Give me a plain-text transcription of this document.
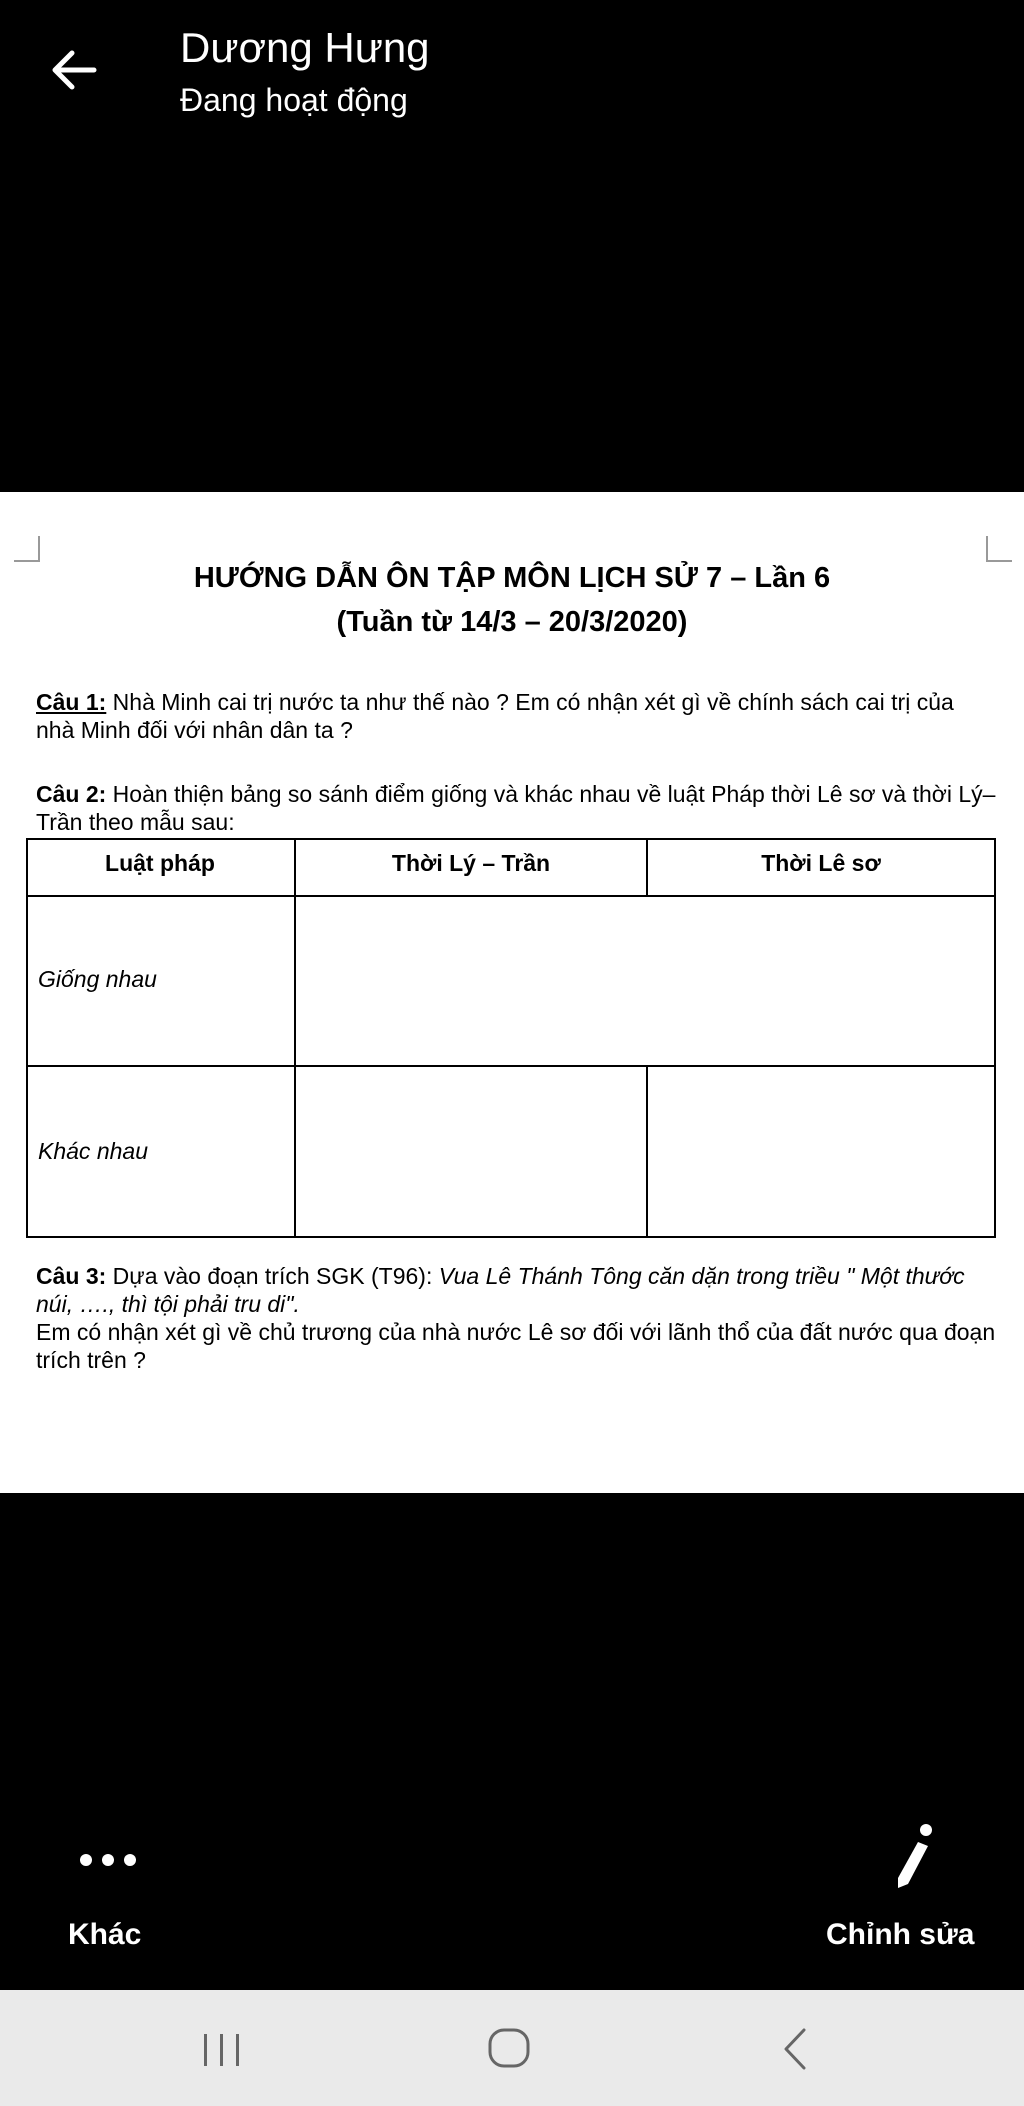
Dương Hưng
Đang hoạt động
HƯỚNG DẪN ÔN TẬP MÔN LỊCH SỬ 7 – Lần 6
(Tuần từ 14/3 – 20/3/2020)
Câu 1: Nhà Minh cai trị nước ta như thế nào ? Em có nhận xét gì về chính sách cai trị của nhà Minh đối với nhân dân ta ?
Câu 2: Hoàn thiện bảng so sánh điểm giống và khác nhau về luật Pháp thời Lê sơ và thời Lý–Trần theo mẫu sau:
Luật pháp	Thời Lý – Trần	Thời Lê sơ
Giống nhau
Khác nhau
Câu 3: Dựa vào đoạn trích SGK (T96): Vua Lê Thánh Tông căn dặn trong triều " Một thước núi, …., thì tội phải tru di".
Em có nhận xét gì về chủ trương của nhà nước Lê sơ đối với lãnh thổ của đất nước qua đoạn trích trên ?
Khác	Chỉnh sửa
